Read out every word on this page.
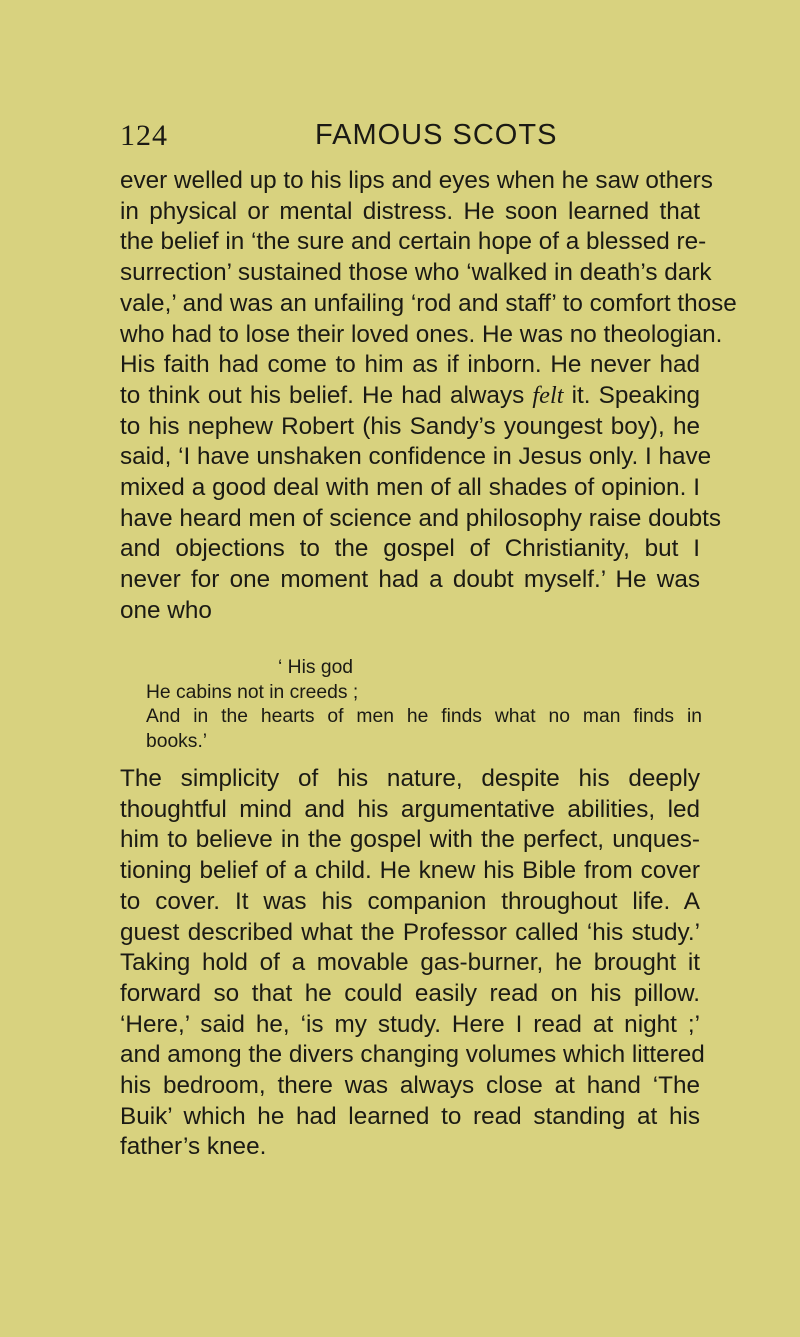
124	FAMOUS SCOTS
ever welled up to his lips and eyes when he saw others
in physical or mental distress. He soon learned that
the belief in ‘the sure and certain hope of a blessed re-
surrection’ sustained those who ‘walked in death’s dark
vale,’ and was an unfailing ‘rod and staff’ to comfort those
who had to lose their loved ones. He was no theologian.
His faith had come to him as if inborn. He never had
to think out his belief. He had always felt it. Speaking
to his nephew Robert (his Sandy’s youngest boy), he
said, ‘I have unshaken confidence in Jesus only. I have
mixed a good deal with men of all shades of opinion. I
have heard men of science and philosophy raise doubts
and objections to the gospel of Christianity, but I
never for one moment had a doubt myself.’ He was
one who
‘ His god
He cabins not in creeds ;
And in the hearts of men he finds what no man finds in
books.’
The simplicity of his nature, despite his deeply
thoughtful mind and his argumentative abilities, led
him to believe in the gospel with the perfect, unques-
tioning belief of a child. He knew his Bible from cover
to cover. It was his companion throughout life. A
guest described what the Professor called ‘his study.’
Taking hold of a movable gas-burner, he brought it
forward so that he could easily read on his pillow.
‘Here,’ said he, ‘is my study. Here I read at night ;’
and among the divers changing volumes which littered
his bedroom, there was always close at hand ‘The
Buik’ which he had learned to read standing at his
father’s knee.
